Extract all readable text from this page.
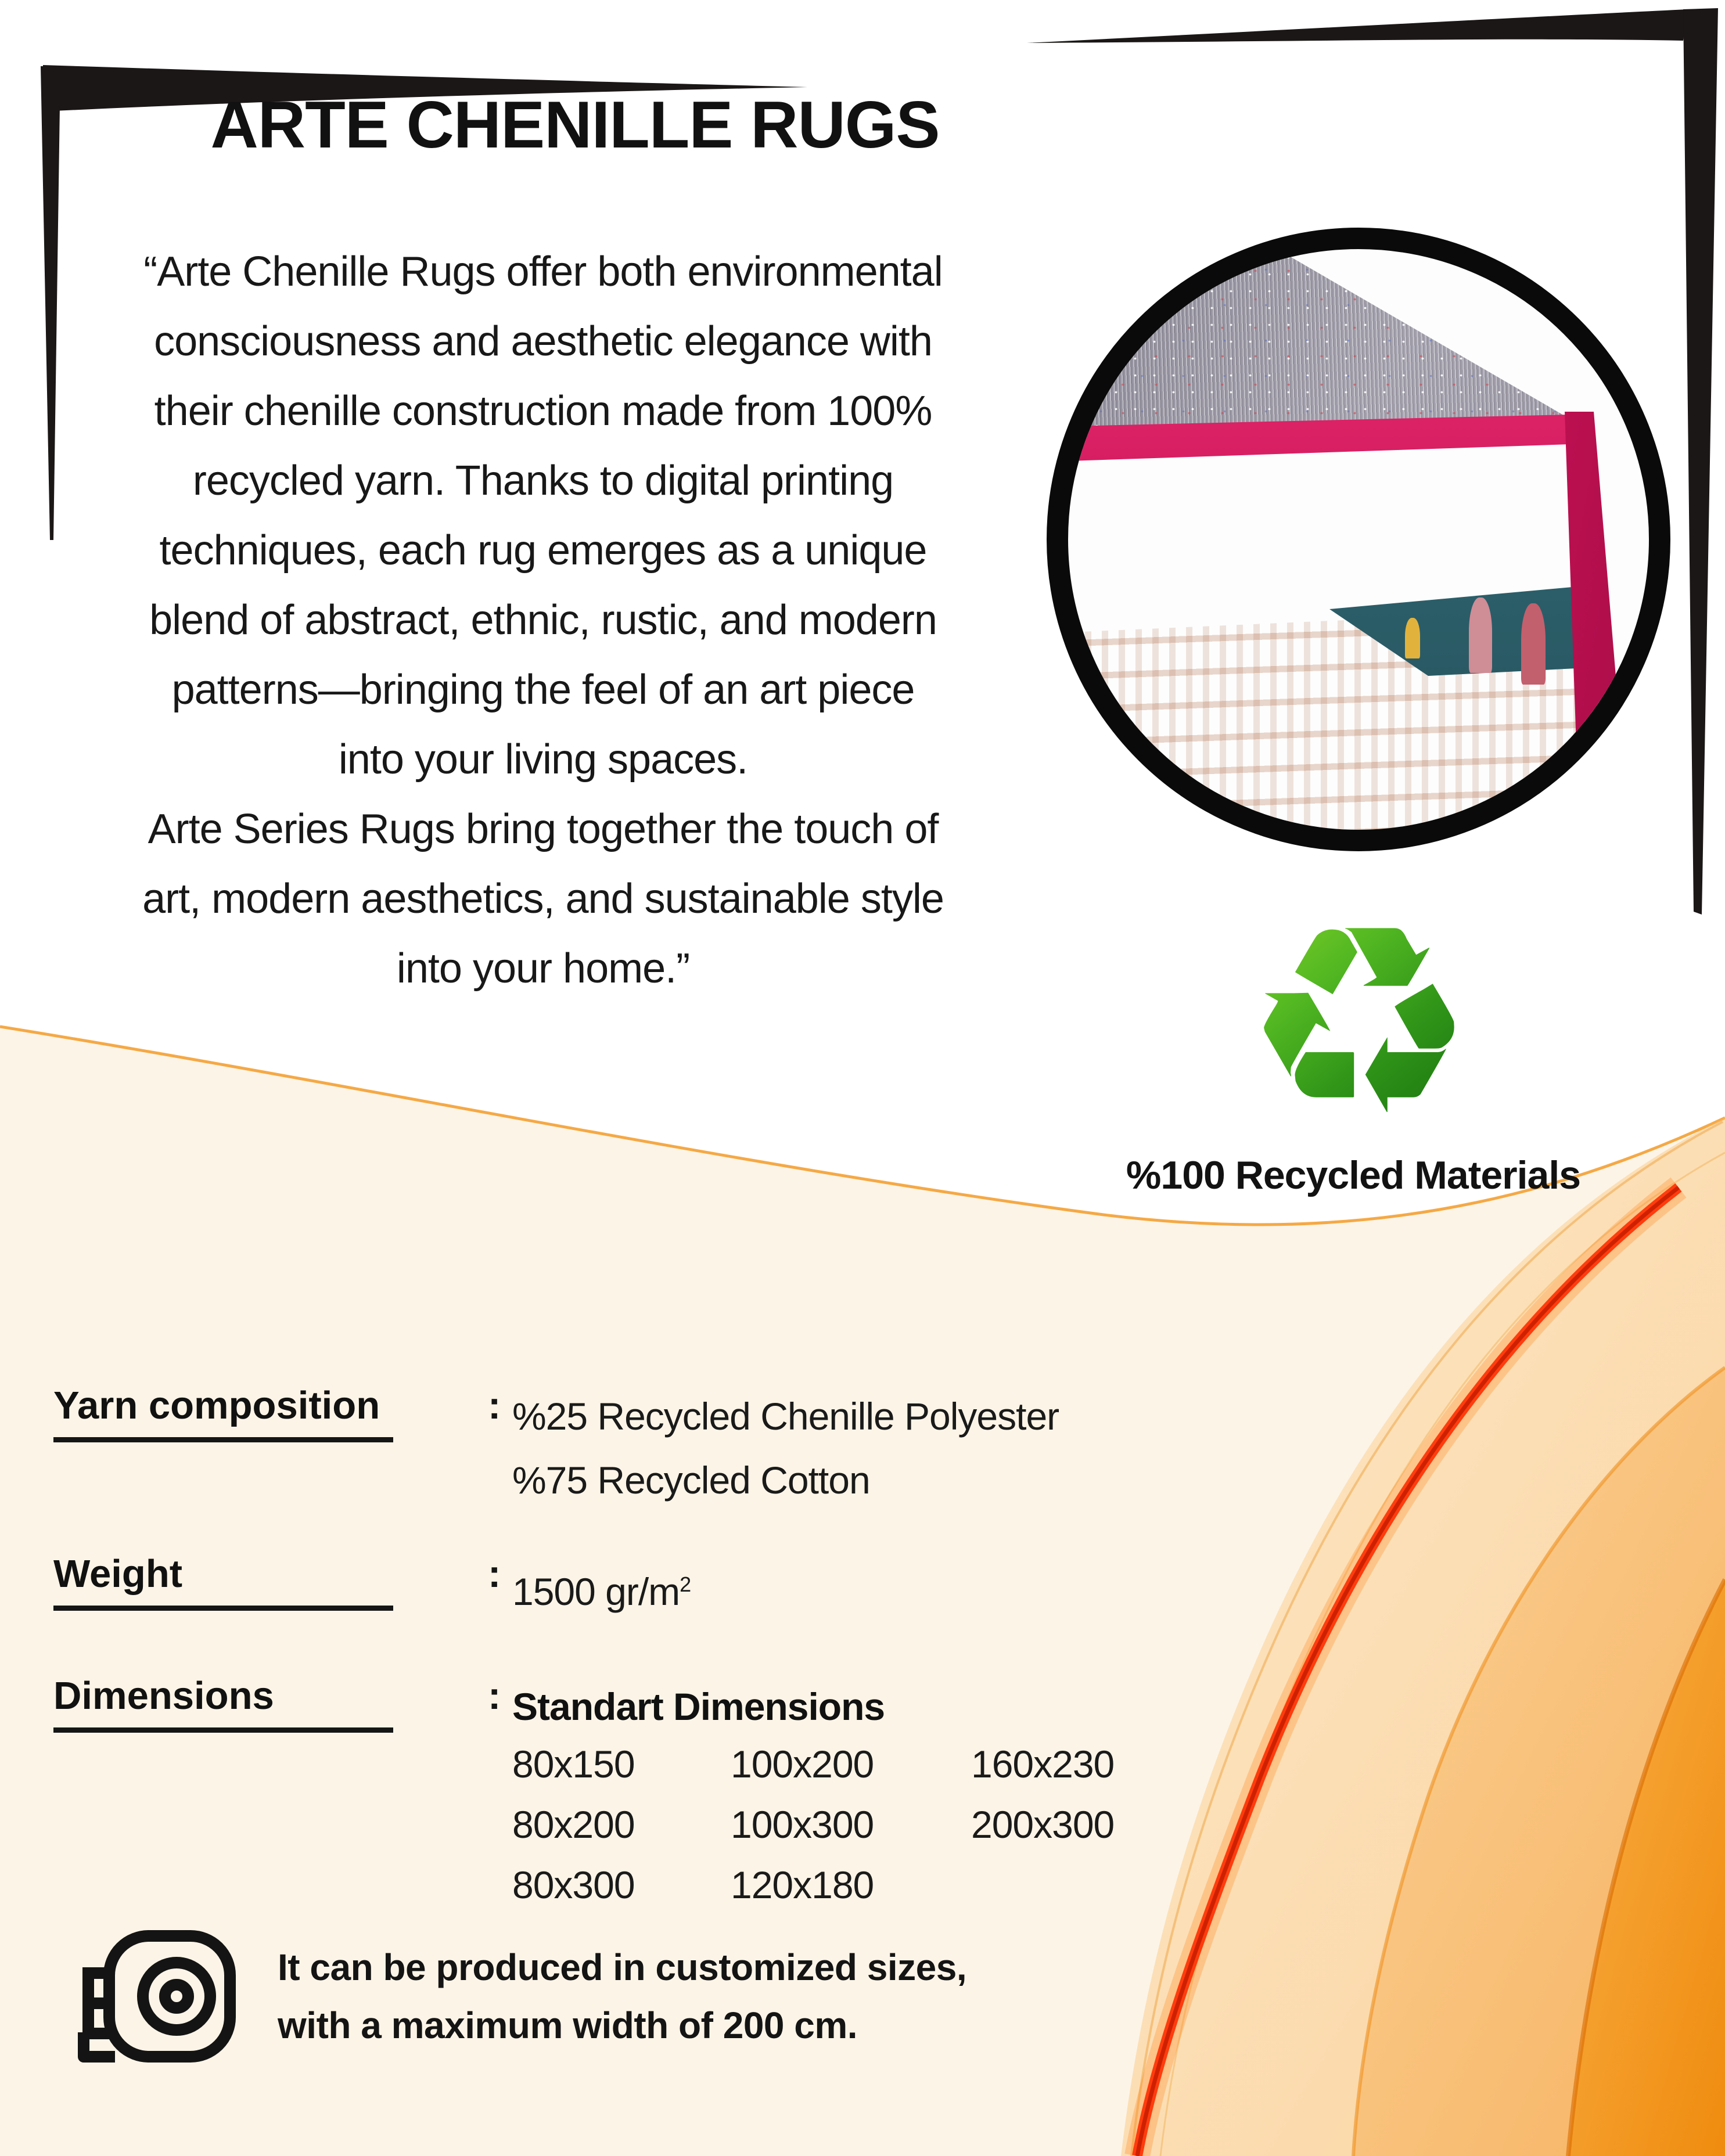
ARTE CHENILLE RUGS
“Arte Chenille Rugs offer both environmental
consciousness and aesthetic elegance with
their chenille construction made from 100%
recycled yarn. Thanks to digital printing
techniques, each rug emerges as a unique
blend of abstract, ethnic, rustic, and modern
patterns—bringing the feel of an art piece
into your living spaces.
Arte Series Rugs bring together the touch of
art, modern aesthetics, and sustainable style
into your home.”	♻
%100 Recycled Materials
Yarn composition	: %25 Recycled Chenille Polyester
%75 Recycled Cotton
Weight	: 1500 $gr/m^2$
Dimensions	: Standart Dimensions
80x150	100x200	160x230
80x200	100x300	200x300
80x300	120x180
It can be produced in customized sizes,
with a maximum width of 200 cm.
